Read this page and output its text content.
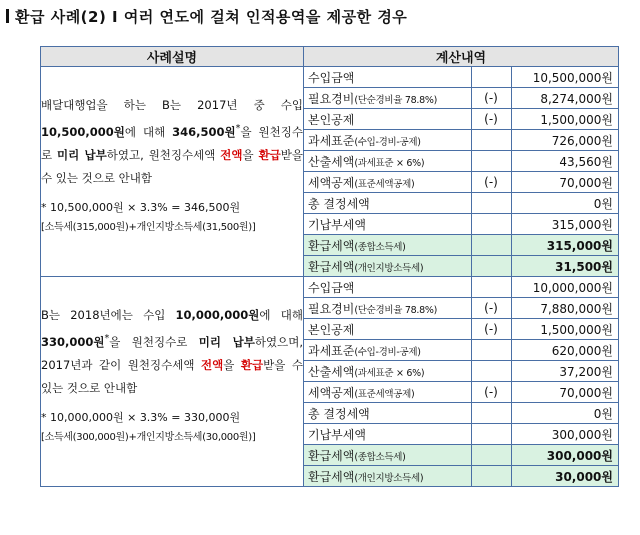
환급 사례(2) I 여러 연도에 걸쳐 인적용역을 제공한 경우
사례설명	계산내역

배달대행업을 하는 B는 2017년 중 수입 10,500,000원에 대해 346,500원*을 원천징수로 미리 납부하였고, 원천징수세액 전액을 환급받을 수 있는 것으로 안내함
* 10,500,000원 × 3.3% = 346,500원
[소득세(315,000원)+개인지방소득세(31,500원)]

수입금액		10,500,000원
필요경비(단순경비율 78.8%)	(-)	8,274,000원
본인공제	(-)	1,500,000원
과세표준(수입-경비-공제)		726,000원
산출세액(과세표준 × 6%)		43,560원
세액공제(표준세액공제)	(-)	70,000원
총 결정세액		0원
기납부세액		315,000원
환급세액(종합소득세)		315,000원
환급세액(개인지방소득세)		31,500원

B는 2018년에는 수입 10,000,000원에 대해 330,000원*을 원천징수로 미리 납부하였으며, 2017년과 같이 원천징수세액 전액을 환급받을 수 있는 것으로 안내함
* 10,000,000원 × 3.3% = 330,000원
[소득세(300,000원)+개인지방소득세(30,000원)]

수입금액		10,000,000원
필요경비(단순경비율 78.8%)	(-)	7,880,000원
본인공제	(-)	1,500,000원
과세표준(수입-경비-공제)		620,000원
산출세액(과세표준 × 6%)		37,200원
세액공제(표준세액공제)	(-)	70,000원
총 결정세액		0원
기납부세액		300,000원
환급세액(종합소득세)		300,000원
환급세액(개인지방소득세)		30,000원
